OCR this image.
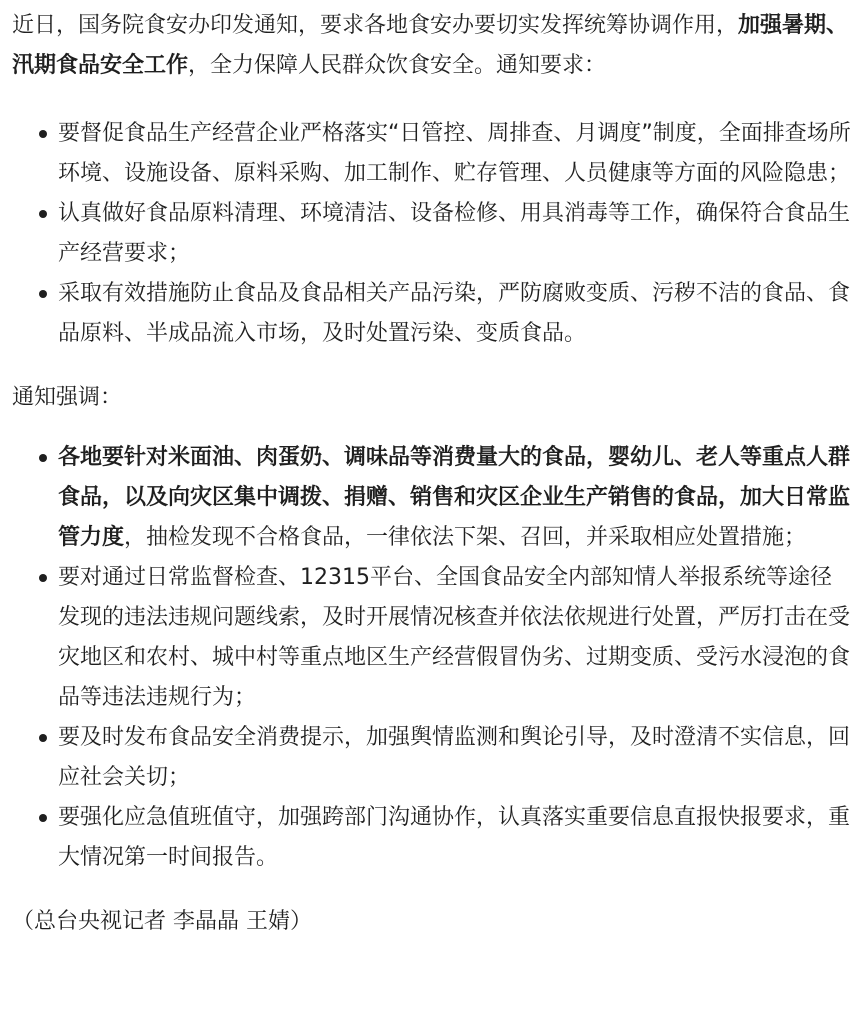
近日，国务院食安办印发通知，要求各地食安办要切实发挥统筹协调作用，加强暑期、汛期食品安全工作，全力保障人民群众饮食安全。通知要求：

要督促食品生产经营企业严格落实“日管控、周排查、月调度”制度，全面排查场所环境、设施设备、原料采购、加工制作、贮存管理、人员健康等方面的风险隐患；
认真做好食品原料清理、环境清洁、设备检修、用具消毒等工作，确保符合食品生产经营要求；
采取有效措施防止食品及食品相关产品污染，严防腐败变质、污秽不洁的食品、食品原料、半成品流入市场，及时处置污染、变质食品。

通知强调：

各地要针对米面油、肉蛋奶、调味品等消费量大的食品，婴幼儿、老人等重点人群食品，以及向灾区集中调拨、捐赠、销售和灾区企业生产销售的食品，加大日常监管力度，抽检发现不合格食品，一律依法下架、召回，并采取相应处置措施；
要对通过日常监督检查、12315平台、全国食品安全内部知情人举报系统等途径发现的违法违规问题线索，及时开展情况核查并依法依规进行处置，严厉打击在受灾地区和农村、城中村等重点地区生产经营假冒伪劣、过期变质、受污水浸泡的食品等违法违规行为；
要及时发布食品安全消费提示，加强舆情监测和舆论引导，及时澄清不实信息，回应社会关切；
要强化应急值班值守，加强跨部门沟通协作，认真落实重要信息直报快报要求，重大情况第一时间报告。

（总台央视记者 李晶晶 王婧）
